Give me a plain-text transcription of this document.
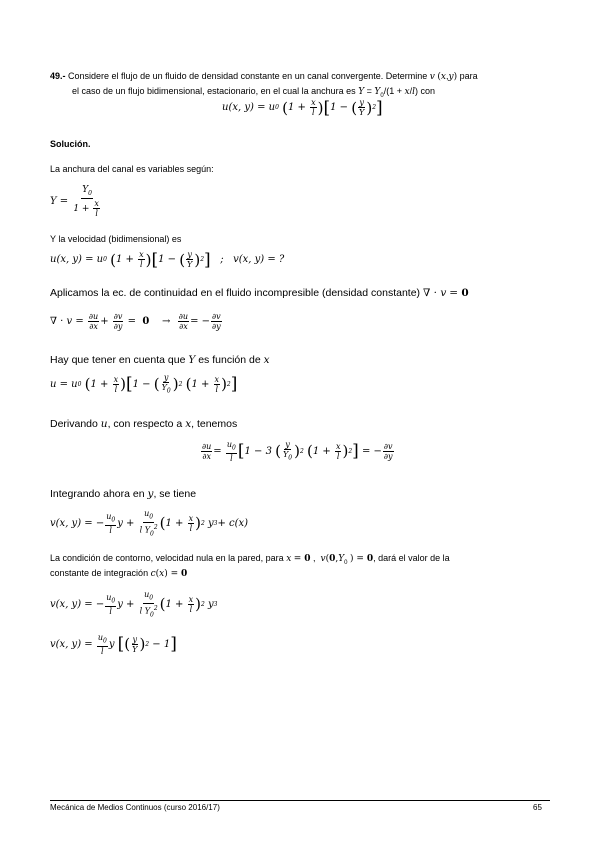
49.- Considere el flujo de un fluido de densidad constante en un canal convergente. Determine v (x,y) para
el caso de un flujo bidimensional, estacionario, en el cual la anchura es $Y = Y_0/(1 + x/l)$ con
u(x, y) = u 0
( $1 + \frac{x}{l}$ ) [ 1 − ( $\frac{y}{Y}$ ) 2 ]
Solución.
La anchura del canal es variables según:
$Y = \frac{Y_0}{1 + \frac{x}{l}}$
Y la velocidad (bidimensional) es
u(x, y) = u 0
( $1 + \frac{x}{l}$ ) [ 1 − ( $\frac{y}{Y}$ ) 2 ] ;   v(x, y) = ?
Aplicamos la ec. de continuidad en el fluido incompresible (densidad constante) ∇ · v = 0
∇ · $v = \frac{\partial u}{\partial x} + \frac{\partial v}{\partial y} = 0$
→
$\frac{\partial u}{\partial x}$ = − $\frac{\partial v}{\partial y}$
Hay que tener en cuenta que Y es función de x
u = u 0
( $1 + \frac{x}{l}$ ) [ 1 − ( $\frac{y}{Y_0}$ ) 2
( $1 + \frac{x}{l}$ ) 2 ]
Derivando u, con respecto a x, tenemos
$\frac{\partial u}{\partial x} = \frac{u_0}{l}$ [ 1 − 3 ( $\frac{y}{Y_0}$ ) 2
( $1 + \frac{x}{l}$ ) 2 ] = − $\frac{\partial v}{\partial y}$
Integrando ahora en y, se tiene
v(x, y) = − $\frac{u_0}{l}$ $y + \frac{u_0}{l Y_0^2}$ ( $1 + \frac{x}{l}$ ) 2 y 3 + c(x)
La condición de contorno, velocidad nula en la pared, para x = 0 ,  $v(0,Y_0$ ) = 0, dará el valor de la
constante de integración c(x) = 0
v(x, y) = − $\frac{u_0}{l}$ $y + \frac{u_0}{l Y_0^2}$ ( $1 + \frac{x}{l}$ ) 2 y 3
v(x, $y) = \frac{u_0}{l}$ y [ ( $\frac{y}{Y}$ ) 2 − 1 ]
Mecánica de Medios Continuos (curso 2016/17)	65
